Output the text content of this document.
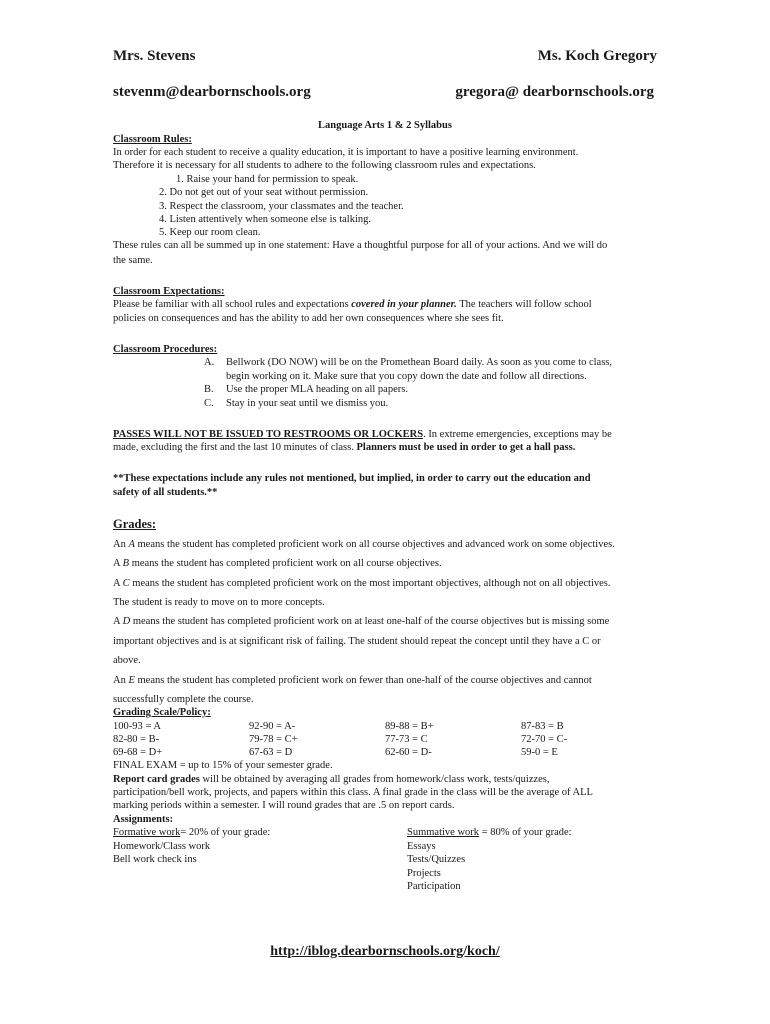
Mrs. Stevens	Ms. Koch Gregory
stevenm@dearbornschools.org	gregora@ dearbornschools.org
Language Arts 1 & 2 Syllabus
Classroom Rules:
In order for each student to receive a quality education, it is important to have a positive learning environment.
Therefore it is necessary for all students to adhere to the following classroom rules and expectations.
1. Raise your hand for permission to speak.
2. Do not get out of your seat without permission.
3. Respect the classroom, your classmates and the teacher.
4. Listen attentively when someone else is talking.
5. Keep our room clean.
These rules can all be summed up in one statement: Have a thoughtful purpose for all of your actions. And we will do
the same.
Classroom Expectations:
Please be familiar with all school rules and expectations covered in your planner. The teachers will follow school
policies on consequences and has the ability to add her own consequences where she sees fit.
Classroom Procedures:
A. Bellwork (DO NOW) will be on the Promethean Board daily. As soon as you come to class,
begin working on it. Make sure that you copy down the date and follow all directions.
B. Use the proper MLA heading on all papers.
C. Stay in your seat until we dismiss you.
PASSES WILL NOT BE ISSUED TO RESTROOMS OR LOCKERS. In extreme emergencies, exceptions may be
made, excluding the first and the last 10 minutes of class. Planners must be used in order to get a hall pass.
**These expectations include any rules not mentioned, but implied, in order to carry out the education and
safety of all students.**
Grades:
An A means the student has completed proficient work on all course objectives and advanced work on some objectives.
A B means the student has completed proficient work on all course objectives.
A C means the student has completed proficient work on the most important objectives, although not on all objectives.
The student is ready to move on to more concepts.
A D means the student has completed proficient work on at least one-half of the course objectives but is missing some
important objectives and is at significant risk of failing. The student should repeat the concept until they have a C or
above.
An E means the student has completed proficient work on fewer than one-half of the course objectives and cannot
successfully complete the course.
Grading Scale/Policy:
100-93 = A	92-90 = A-	89-88 = B+	87-83 = B
82-80 = B-	79-78 = C+	77-73 = C	72-70 = C-
69-68 = D+	67-63 = D	62-60 = D-	59-0 = E
FINAL EXAM = up to 15% of your semester grade.
Report card grades will be obtained by averaging all grades from homework/class work, tests/quizzes,
participation/bell work, projects, and papers within this class. A final grade in the class will be the average of ALL
marking periods within a semester. I will round grades that are .5 on report cards.
Assignments:
Formative work= 20% of your grade:
Homework/Class work
Bell work check ins
Summative work = 80% of your grade:
Essays
Tests/Quizzes
Projects
Participation
http://iblog.dearbornschools.org/koch/
